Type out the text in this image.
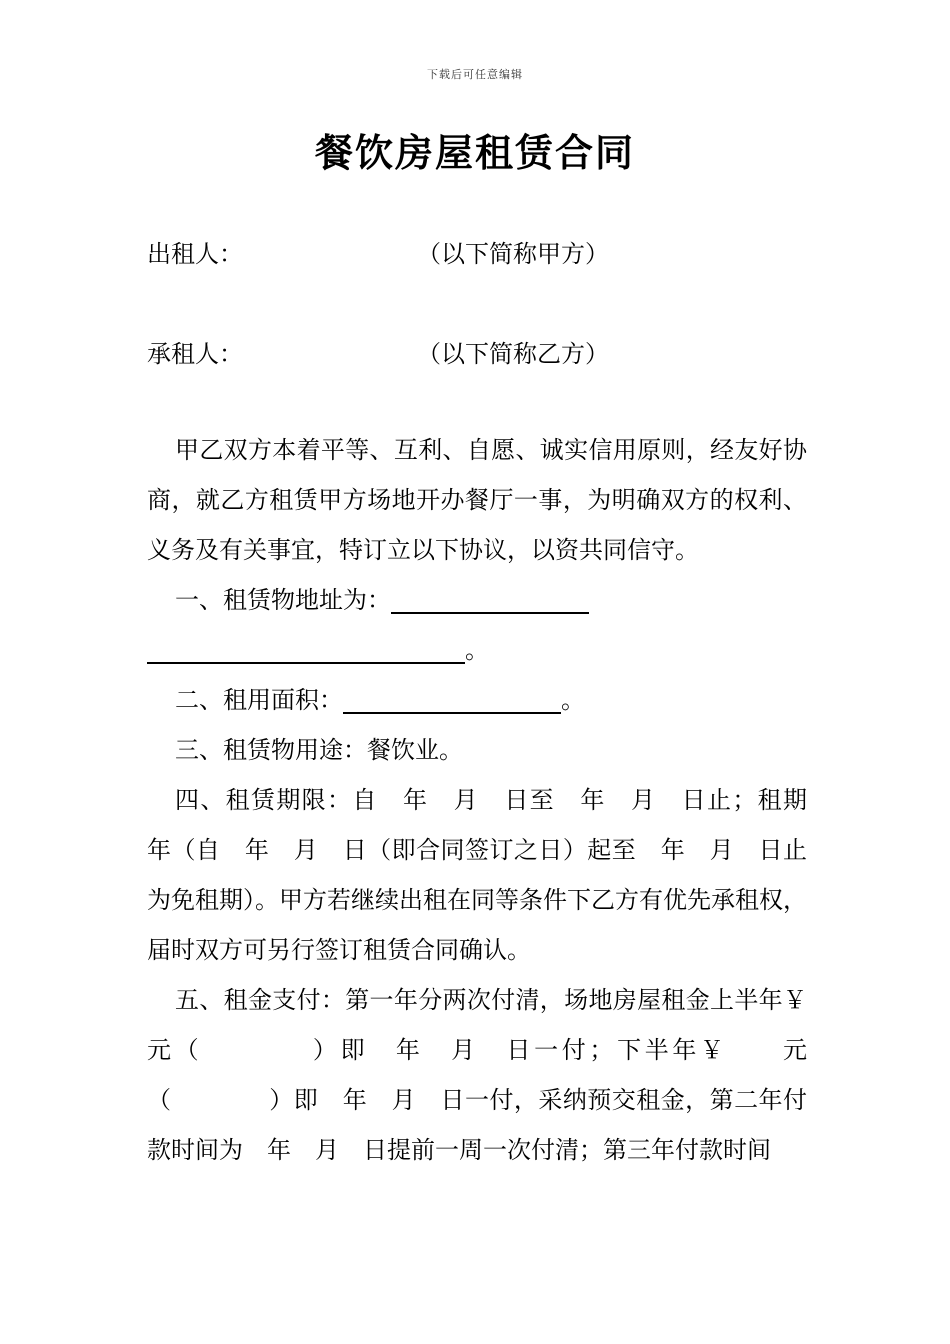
下载后可任意编辑
餐饮房屋租赁合同
出租人：	（以下简称甲方）
承租人：	（以下简称乙方）

甲乙双方本着平等、互利、自愿、诚实信用原则，经友好协商，就乙方租赁甲方场地开办餐厅一事，为明确双方的权利、义务及有关事宜，特订立以下协议，以资共同信守。

一、租赁物地址为：

。

二、租用面积：	。

三、租赁物用途：餐饮业。

四、租赁期限：自　年　月　日至　年　月　日止；租期　年（自　年　月　日（即合同签订之日）起至　年　月　日止为免租期）。甲方若继续出租在同等条件下乙方有优先承租权，届时双方可另行签订租赁合同确认。

五、租金支付：第一年分两次付清，场地房屋租金上半年￥　　元（　　　　）即　年　月　日一付；下半年￥　　元（　　　　）即　年　月　日一付，采纳预交租金，第二年付款时间为　年　月　日提前一周一次付清；第三年付款时间
